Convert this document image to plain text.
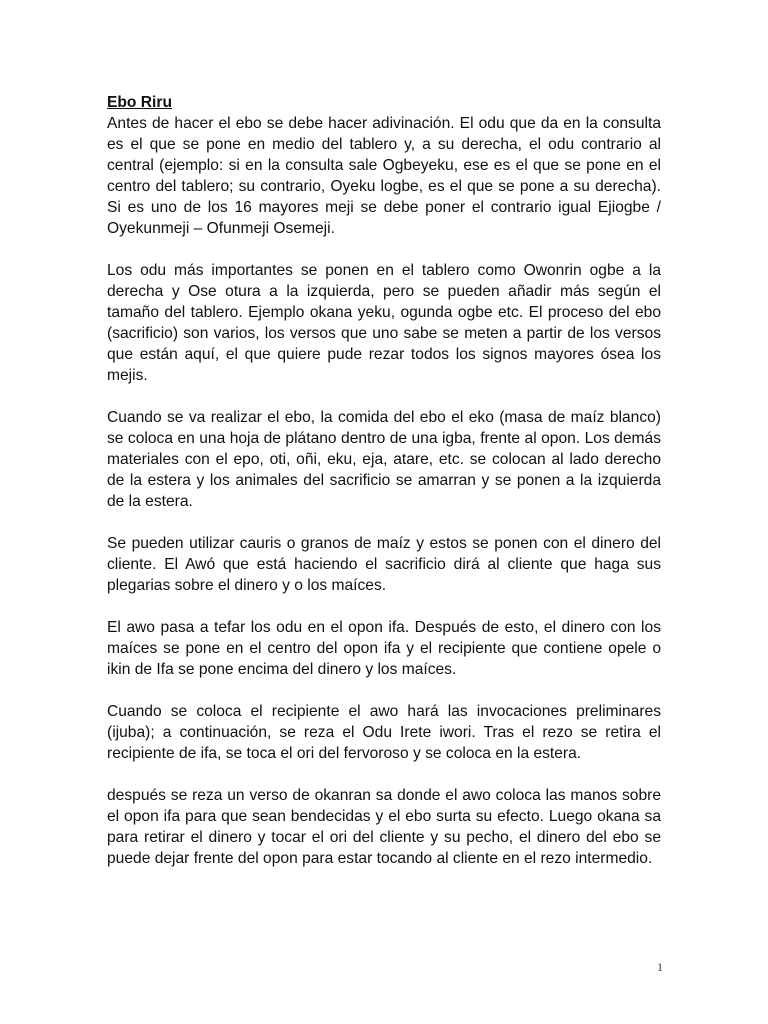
Ebo Riru

Antes de hacer el ebo se debe hacer adivinación. El odu que da en la consulta es el que se pone en medio del tablero y, a su derecha, el odu contrario al central (ejemplo: si en la consulta sale Ogbeyeku, ese es el que se pone en el centro del tablero; su contrario, Oyeku logbe, es el que se pone a su derecha). Si es uno de los 16 mayores meji se debe poner el contrario igual Ejiogbe / Oyekunmeji – Ofunmeji Osemeji.

Los odu más importantes se ponen en el tablero como Owonrin ogbe a la derecha y Ose otura a la izquierda, pero se pueden añadir más según el tamaño del tablero. Ejemplo okana yeku, ogunda ogbe etc. El proceso del ebo (sacrificio) son varios, los versos que uno sabe se meten a partir de los versos que están aquí, el que quiere pude rezar todos los signos mayores ósea los mejis.

Cuando se va realizar el ebo, la comida del ebo el eko (masa de maíz blanco) se coloca en una hoja de plátano dentro de una igba, frente al opon. Los demás materiales con el epo, oti, oñi, eku, eja, atare, etc. se colocan al lado derecho de la estera y los animales del sacrificio se amarran y se ponen a la izquierda de la estera.

Se pueden utilizar cauris o granos de maíz y estos se ponen con el dinero del cliente. El Awó que está haciendo el sacrificio dirá al cliente que haga sus plegarias sobre el dinero y o los maíces.

El awo pasa a tefar los odu en el opon ifa. Después de esto, el dinero con los maíces se pone en el centro del opon ifa y el recipiente que contiene opele o ikin de Ifa se pone encima del dinero y los maíces.

Cuando se coloca el recipiente el awo hará las invocaciones preliminares (ijuba); a continuación, se reza el Odu Irete iwori. Tras el rezo se retira el recipiente de ifa, se toca el ori del fervoroso y se coloca en la estera.

después se reza un verso de okanran sa donde el awo coloca las manos sobre el opon ifa para que sean bendecidas y el ebo surta su efecto. Luego okana sa para retirar el dinero y tocar el ori del cliente y su pecho, el dinero del ebo se puede dejar frente del opon para estar tocando al cliente en el rezo intermedio.

1
